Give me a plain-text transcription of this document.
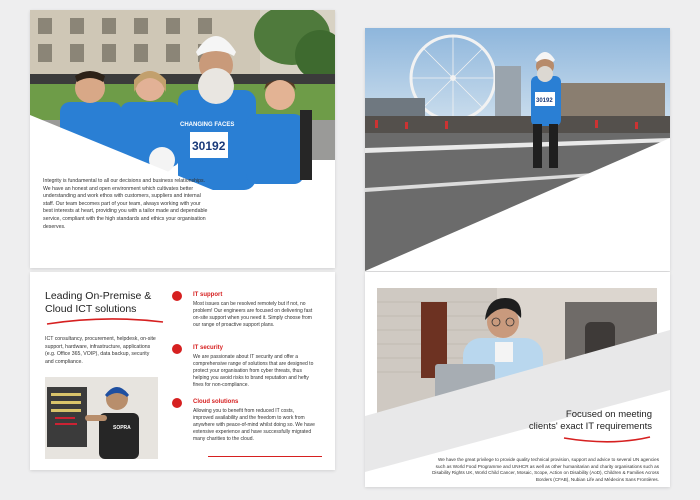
CHANGING FACES
30192

Integrity is fundamental to all our decisions and business relationships. We have an honest and open environment which cultivates better understanding and work ethos with customers, suppliers and internal staff. Our team becomes part of your team, always working with your best interests at heart, providing you with a tailor made and dependable service, compliant with the high standards and ethics your organisation deserves.

30192
Leading On-Premise &
Cloud ICT solutions

ICT consultancy, procurement, helpdesk, on-site support, hardware, infrastructure, applications (e.g. Office 365, VOIP), data backup, security and compliance.

SOPRA
IT support

Most issues can be resolved remotely but if not, no problem! Our engineers are focused on delivering fast on-site support when you need it. Simply choose from our range of proactive support plans.

IT security

We are passionate about IT security and offer a comprehensive range of solutions that are designed to protect your organisation from cyber threats, thus helping you avoid risks to brand reputation and hefty fines for non-compliance.

Cloud solutions

Allowing you to benefit from reduced IT costs, improved availability and the freedom to work from anywhere with peace-of-mind whilst doing so. We have extensive experience and have successfully migrated many charities to the cloud.

Focused on meeting
clients' exact IT requirements

We have the great privilege to provide quality technical provision, support and advice to several UN agencies such as World Food Programme and UNHCR as well as other humanitarian and charity organisations such as Disability Rights UK, World Child Cancer, Mosaic, Scope, Action on Disability (AoD), Children & Families Across Borders (CFAB), Nubian Life and Médecins Sans Frontières.
